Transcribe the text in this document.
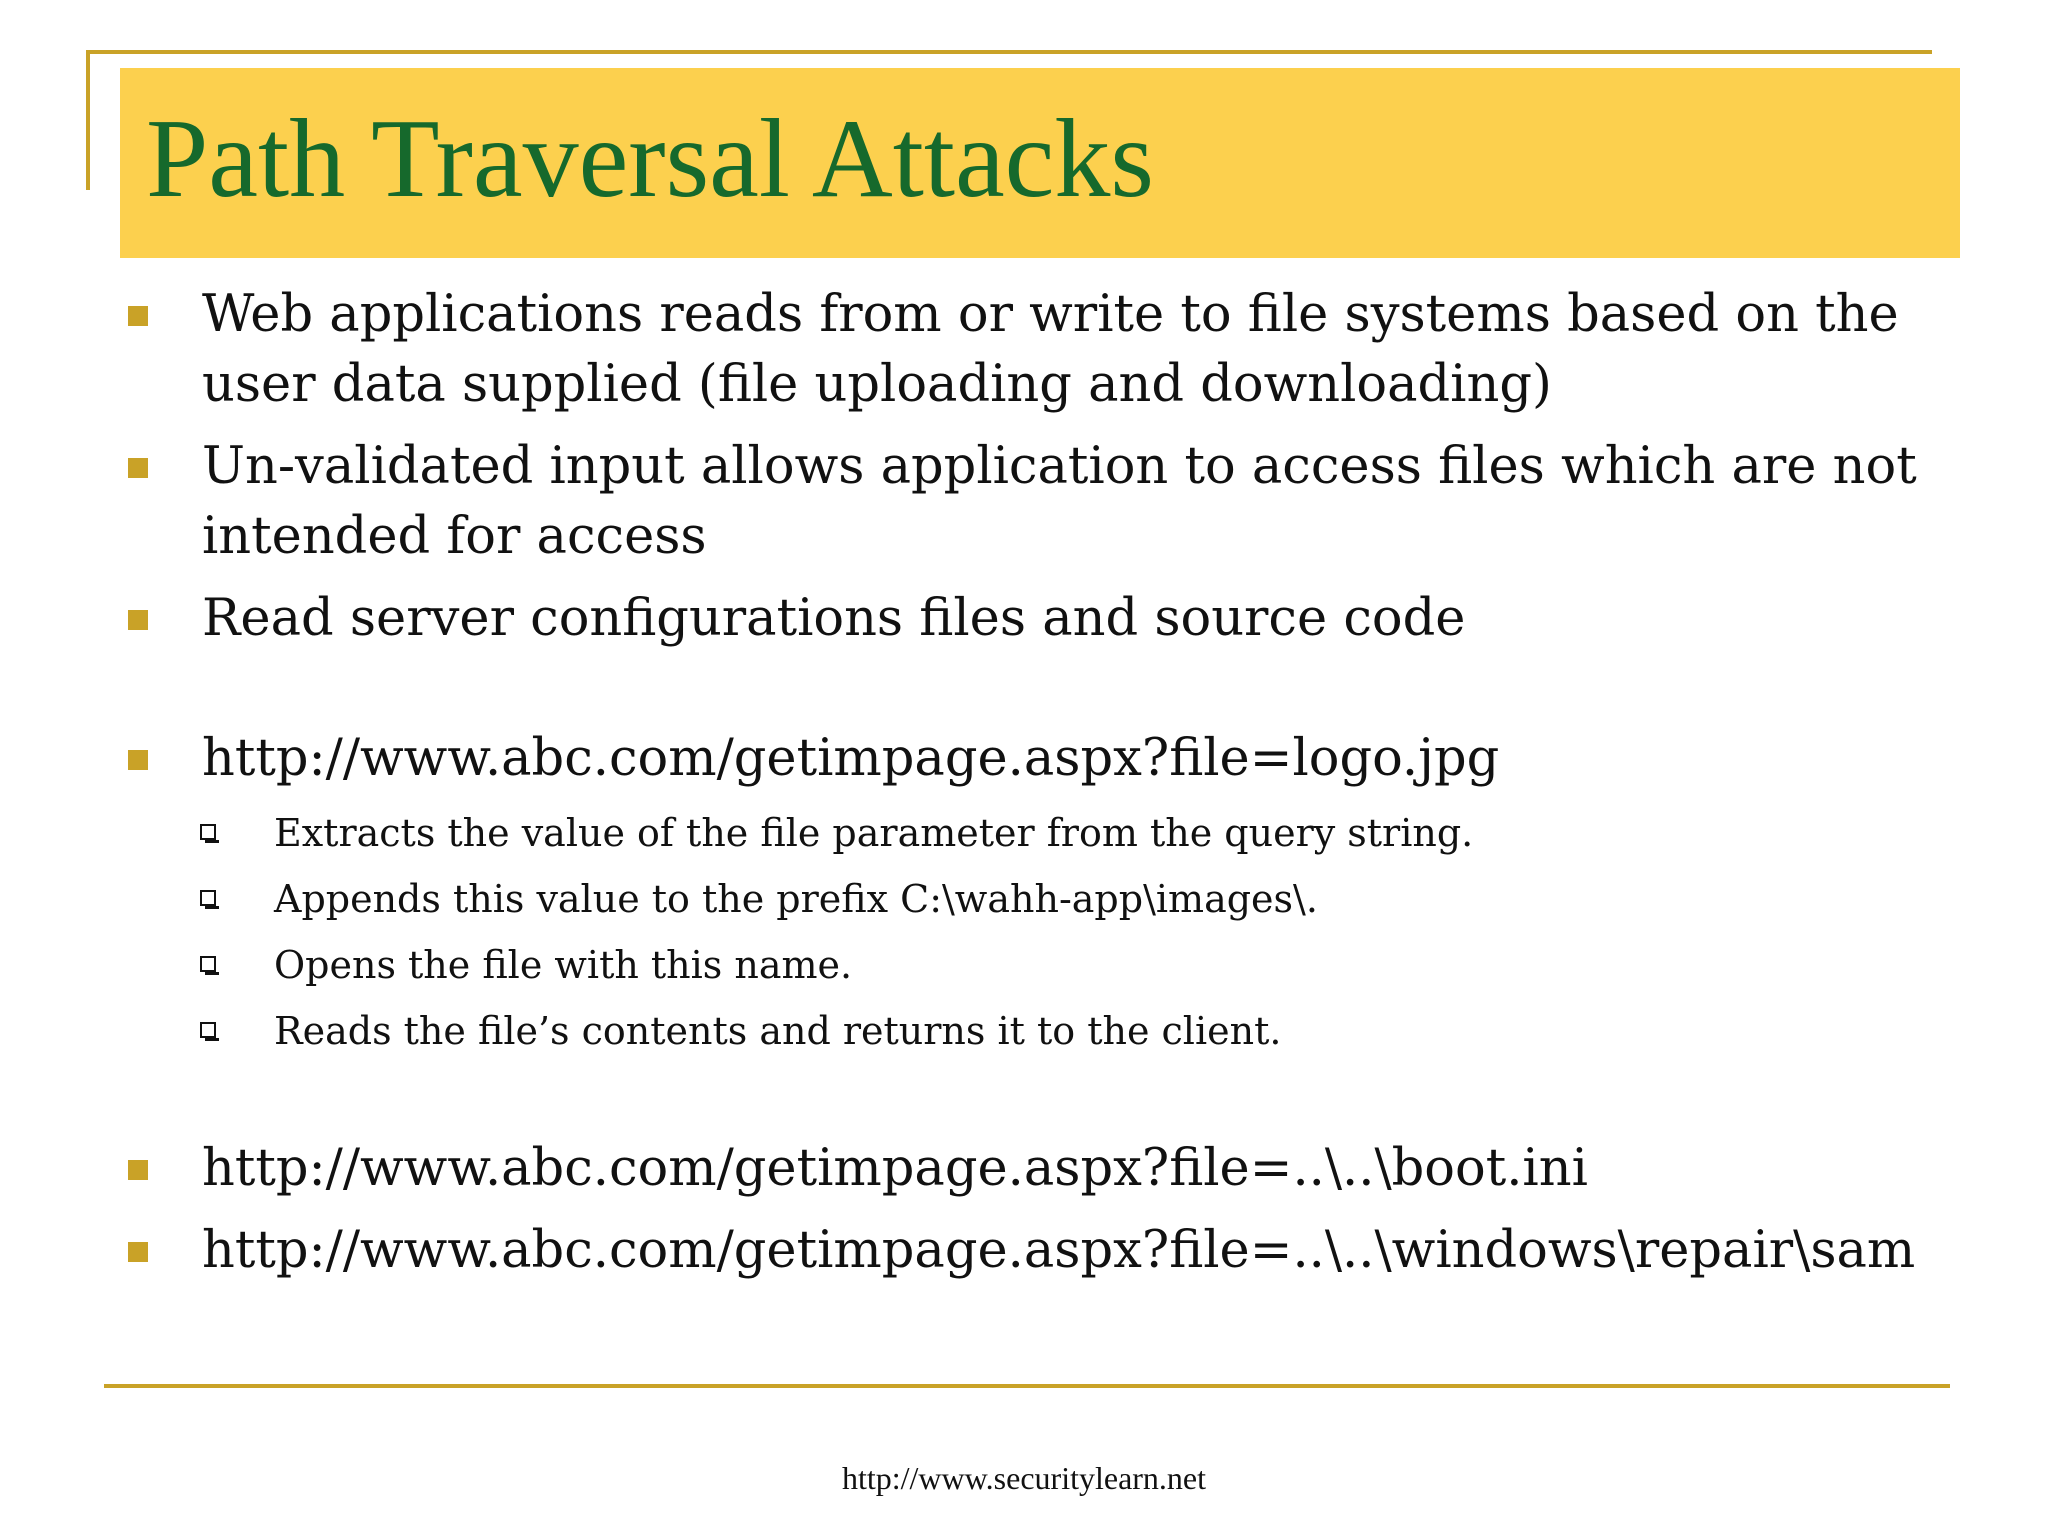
Path Traversal Attacks
Web applications reads from or write to file systems based on the user data supplied (file uploading and downloading)
Un-validated input allows application to access files which are not intended for access
Read server configurations files and source code
http://www.abc.com/getimpage.aspx?file=logo.jpg
Extracts the value of the file parameter from the query string.
Appends this value to the prefix C:\wahh-app\images\.
Opens the file with this name.
Reads the file’s contents and returns it to the client.
http://www.abc.com/getimpage.aspx?file=..\..\boot.ini
http://www.abc.com/getimpage.aspx?file=..\..\windows\repair\sam
http://www.securitylearn.net
